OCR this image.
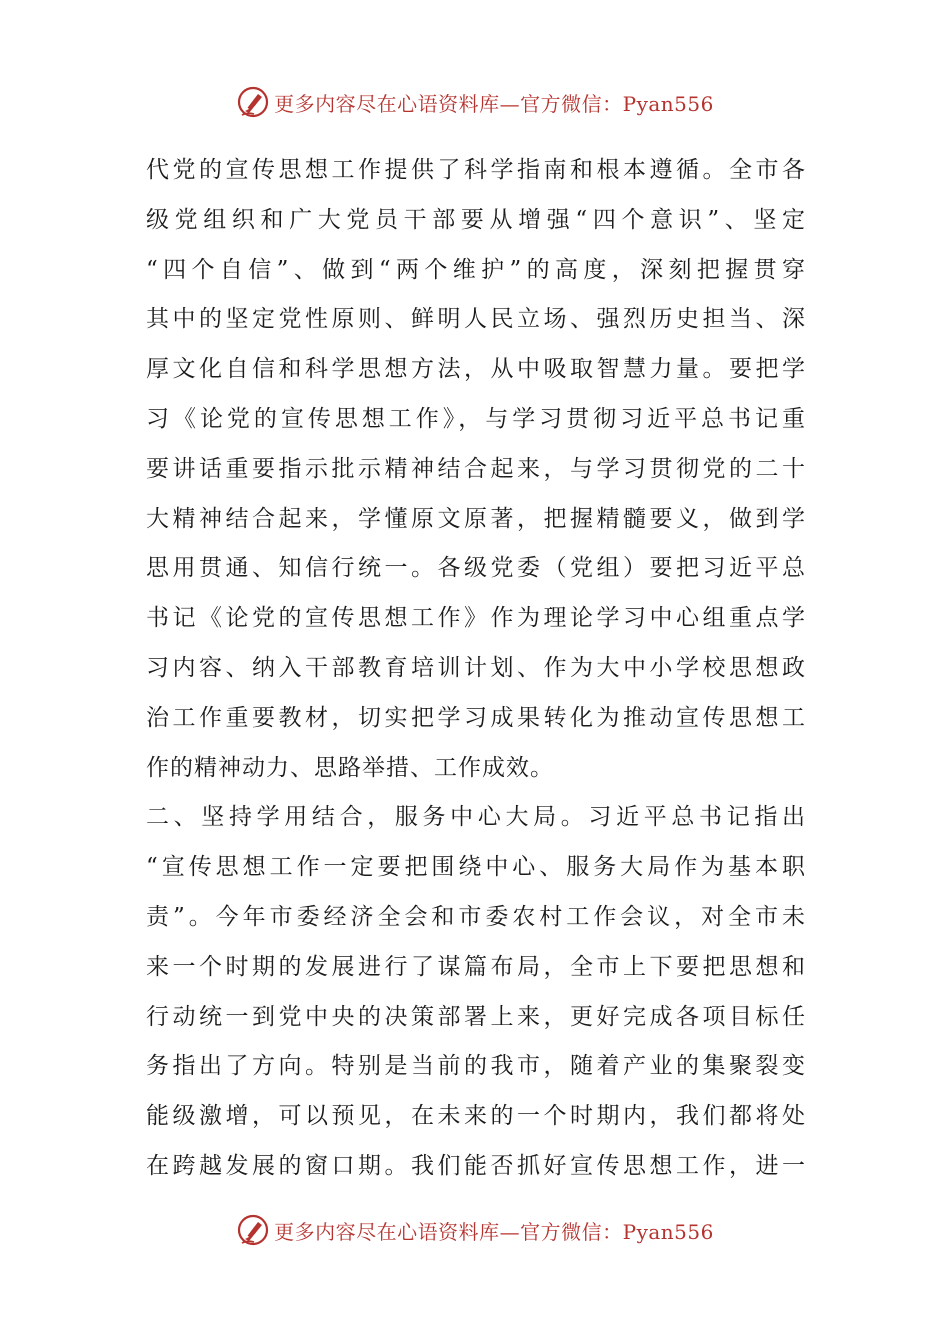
更多内容尽在心语资料库—官方微信：Pyan556
代党的宣传思想工作提供了科学指南和根本遵循。全市各
级党组织和广大党员干部要从增强“四个意识”、坚定
“四个自信”、做到“两个维护”的高度，深刻把握贯穿
其中的坚定党性原则、鲜明人民立场、强烈历史担当、深
厚文化自信和科学思想方法，从中吸取智慧力量。要把学
习《论党的宣传思想工作》，与学习贯彻习近平总书记重
要讲话重要指示批示精神结合起来，与学习贯彻党的二十
大精神结合起来，学懂原文原著，把握精髓要义，做到学
思用贯通、知信行统一。各级党委（党组）要把习近平总
书记《论党的宣传思想工作》作为理论学习中心组重点学
习内容、纳入干部教育培训计划、作为大中小学校思想政
治工作重要教材，切实把学习成果转化为推动宣传思想工
作的精神动力、思路举措、工作成效。
二、坚持学用结合，服务中心大局。习近平总书记指出
“宣传思想工作一定要把围绕中心、服务大局作为基本职
责”。今年市委经济全会和市委农村工作会议，对全市未
来一个时期的发展进行了谋篇布局，全市上下要把思想和
行动统一到党中央的决策部署上来，更好完成各项目标任
务指出了方向。特别是当前的我市，随着产业的集聚裂变
能级激增，可以预见，在未来的一个时期内，我们都将处
在跨越发展的窗口期。我们能否抓好宣传思想工作，进一
更多内容尽在心语资料库—官方微信：Pyan556
